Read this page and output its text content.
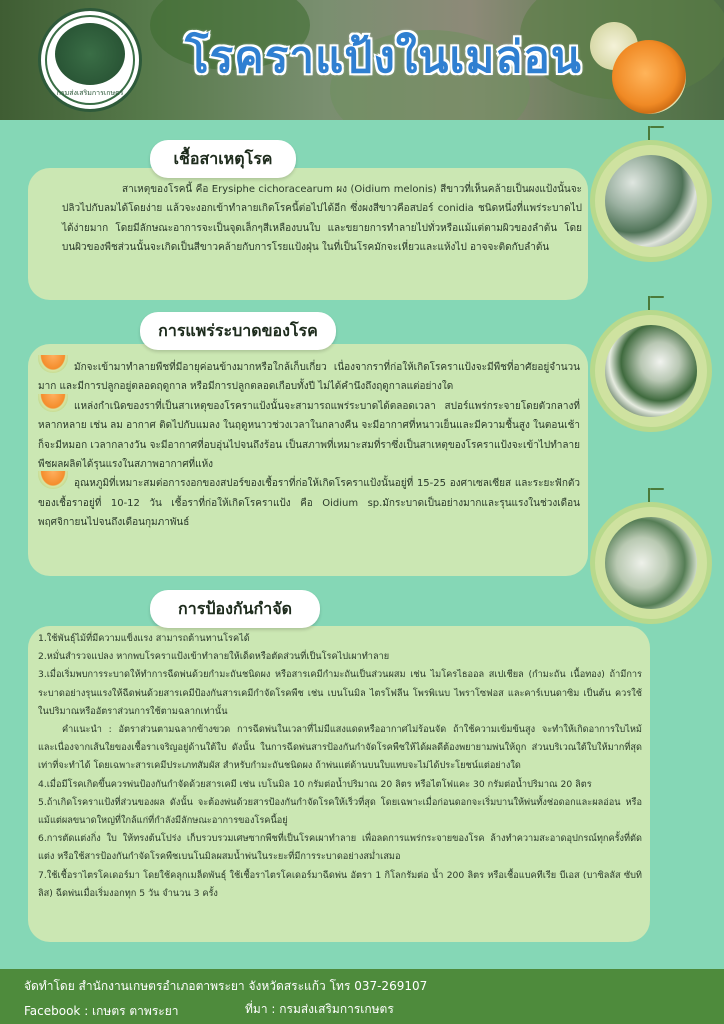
กรมส่งเสริมการเกษตร
โรคราแป้งในเมล่อน
เชื้อสาเหตุโรค

สาเหตุของโรคนี้ คือ Erysiphe cichoracearum ผง (Oidium melonis) สีขาวที่เห็นคล้ายเป็นผงแป้งนั้นจะปลิวไปกับลมได้โดยง่าย แล้วจะงอกเข้าทำลายเกิดโรคนี้ต่อไปได้อีก ซึ่งผงสีขาวคือสปอร์ conidia ชนิดหนึ่งที่แพร่ระบาดไปได้ง่ายมาก โดยมีลักษณะอาการจะเป็นจุดเล็กๆสีเหลืองบนใบ และขยายการทำลายไปทั่วหรือแม้แต่ตามผิวของลำต้น โดยบนผิวของพืชส่วนนั้นจะเกิดเป็นสีขาวคล้ายกับการโรยแป้งฝุ่น ในที่เป็นโรคมักจะเหี่ยวและแห้งไป อาจจะติดกับลำต้น

การแพร่ระบาดของโรค

มักจะเข้ามาทำลายพืชที่มีอายุค่อนข้างมากหรือใกล้เก็บเกี่ยว เนื่องจากราที่ก่อให้เกิดโรคราแป้งจะมีพืชที่อาศัยอยู่จำนวนมาก และมีการปลูกอยู่ตลอดฤดูกาล หรือมีการปลูกตลอดเกือบทั้งปี ไม่ได้คำนึงถึงฤดูกาลแต่อย่างใด

แหล่งกำเนิดของราที่เป็นสาเหตุของโรคราแป้งนั้นจะสามารถแพร่ระบาดได้ตลอดเวลา สปอร์แพร่กระจายโดยตัวกลางที่หลากหลาย เช่น ลม อากาศ ติดไปกับแมลง ในฤดูหนาวช่วงเวลาในกลางคืน จะมีอากาศที่หนาวเย็นและมีความชื้นสูง ในตอนเช้าก็จะมีหมอก เวลากลางวัน จะมีอากาศที่อบอุ่นไปจนถึงร้อน เป็นสภาพที่เหมาะสมที่ราซึ่งเป็นสาเหตุของโรคราแป้งจะเข้าไปทำลายพืชผลผลิตได้รุนแรงในสภาพอากาศที่แห้ง

อุณหภูมิที่เหมาะสมต่อการงอกของสปอร์ของเชื้อราที่ก่อให้เกิดโรคราแป้งนั้นอยู่ที่ 15-25 องศาเซลเซียส และระยะฟักตัวของเชื้อราอยู่ที่ 10-12 วัน เชื้อราที่ก่อให้เกิดโรคราแป้ง คือ Oidium sp.มักระบาดเป็นอย่างมากและรุนแรงในช่วงเดือนพฤศจิกายนไปจนถึงเดือนกุมภาพันธ์

การป้องกันกำจัด

1.ใช้พันธุ์ไม้ที่มีความแข็งแรง สามารถต้านทานโรคได้

2.หมั่นสำรวจแปลง หากพบโรคราแป้งเข้าทำลายให้เด็ดหรือตัดส่วนที่เป็นโรคไปเผาทำลาย

3.เมื่อเริ่มพบการระบาดให้ทำการฉีดพ่นด้วยกำมะถันชนิดผง หรือสารเคมีกำมะถันเป็นส่วนผสม เช่น ไมโครไธออล สเปเชียล (กำมะถัน เนื้อทอง) ถ้ามีการระบาดอย่างรุนแรงให้ฉีดพ่นด้วยสารเคมีป้องกันสารเคมีกำจัดโรคพืช เช่น เบนโนมิล ไตรโฟลีน โพรพิเนบ ไพราโซฟอส และคาร์เบนดาซิม เป็นต้น ควรใช้ในปริมาณหรืออัตราส่วนการใช้ตามฉลากเท่านั้น

คำแนะนำ : อัตราส่วนตามฉลากข้างขวด การฉีดพ่นในเวลาที่ไม่มีแสงแดดหรืออากาศไม่ร้อนจัด ถ้าใช้ความเข้มข้นสูง จะทำให้เกิดอาการใบไหม้ และเนื่องจากเส้นใยของเชื้อราเจริญอยู่ด้านใต้ใบ ดังนั้น ในการฉีดพ่นสารป้องกันกำจัดโรคพืชให้ได้ผลดีต้องพยายามพ่นให้ถูก ส่วนบริเวณใต้ใบให้มากที่สุดเท่าที่จะทำได้ โดยเฉพาะสารเคมีประเภทสัมผัส สำหรับกำมะถันชนิดผง ถ้าพ่นแต่ด้านบนใบแทบจะไม่ได้ประโยชน์แต่อย่างใด

4.เมื่อมีโรคเกิดขึ้นควรพ่นป้องกันกำจัดด้วยสารเคมี เช่น เบโนมิล 10 กรัมต่อน้ำปริมาณ 20 ลิตร หรือไตโฟแคะ 30 กรัมต่อน้ำปริมาณ 20 ลิตร

5.ถ้าเกิดโรคราแป้งที่ส่วนของผล ดังนั้น จะต้องพ่นด้วยสารป้องกันกำจัดโรคให้เร็วที่สุด โดยเฉพาะเมื่อก่อนดอกจะเริ่มบานให้พ่นทั้งช่อดอกและผลอ่อน หรือแม้แต่ผลขนาดใหญ่ที่ใกล้แก่ที่กำลังมีลักษณะอาการของโรคนี้อยู่

6.การตัดแต่งกิ่ง ใบ ให้ทรงต้นโปร่ง เก็บรวบรวมเศษซากพืชที่เป็นโรคเผาทำลาย เพื่อลดการแพร่กระจายของโรค ล้างทำความสะอาดอุปกรณ์ทุกครั้งที่ตัดแต่ง หรือใช้สารป้องกันกำจัดโรคพืชเบนโนมิลผสมน้ำพ่นในระยะที่มีการระบาดอย่างสม่ำเสมอ

7.ใช้เชื้อราไตรโคเดอร์มา โดยใช้คลุกเมล็ดพันธุ์ ใช้เชื้อราไตรโคเดอร์มาฉีดพ่น อัตรา 1 กิโลกรัมต่อ น้ำ 200 ลิตร หรือเชื้อแบคทีเรีย บีเอส (บาซิลลัส ซับทิลิส) ฉีดพ่นเมื่อเริ่มงอกทุก 5 วัน จำนวน 3 ครั้ง

จัดทำโดย สำนักงานเกษตรอำเภอตาพระยา จังหวัดสระแก้ว โทร 037-269107
Facebook : เกษตร ตาพระยา	ที่มา : กรมส่งเสริมการเกษตร
